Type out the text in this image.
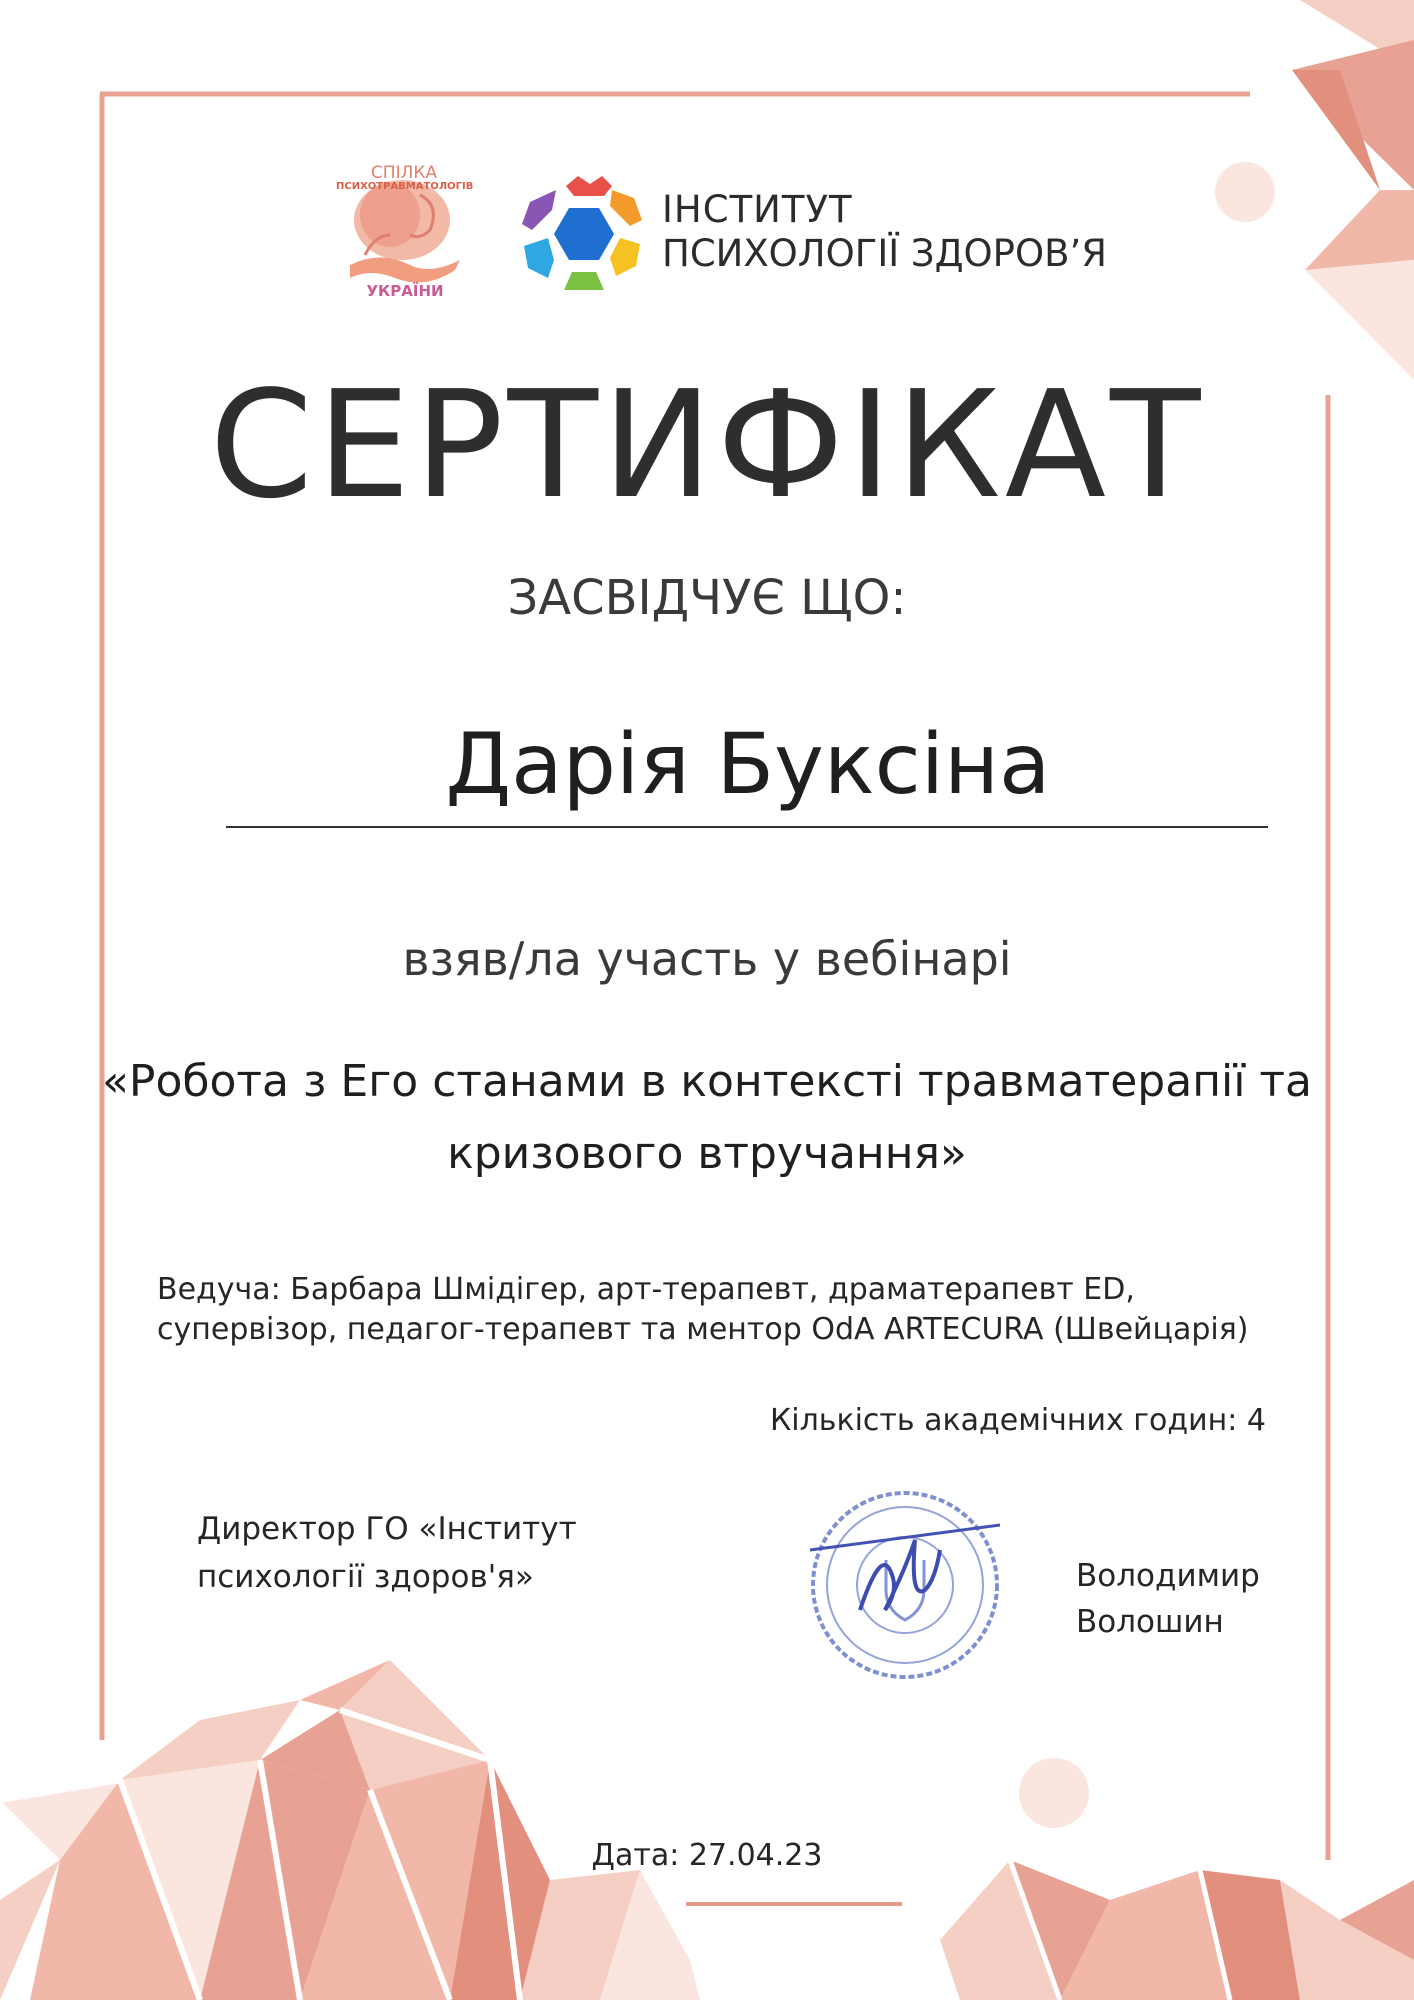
СПІЛКА
ПСИХОТРАВМАТОЛОГІВ
УКРАЇНИ
ІНСТИТУТ
ПСИХОЛОГІЇ ЗДОРОВ’Я
СЕРТИФІКАТ
ЗАСВІДЧУЄ ЩО:
Дарія Буксіна
взяв/ла участь у вебінарі
«Робота з Его станами в контексті травматерапії та кризового втручання»
Ведуча: Барбара Шмідігер, арт-терапевт, драматерапевт ED, супервізор, педагог-терапевт та ментор OdA ARTECURA (Швейцарія)
Кількість академічних годин: 4
Директор ГО «Інститут психології здоров'я»	Володимир
Волошин
Дата: 27.04.23
